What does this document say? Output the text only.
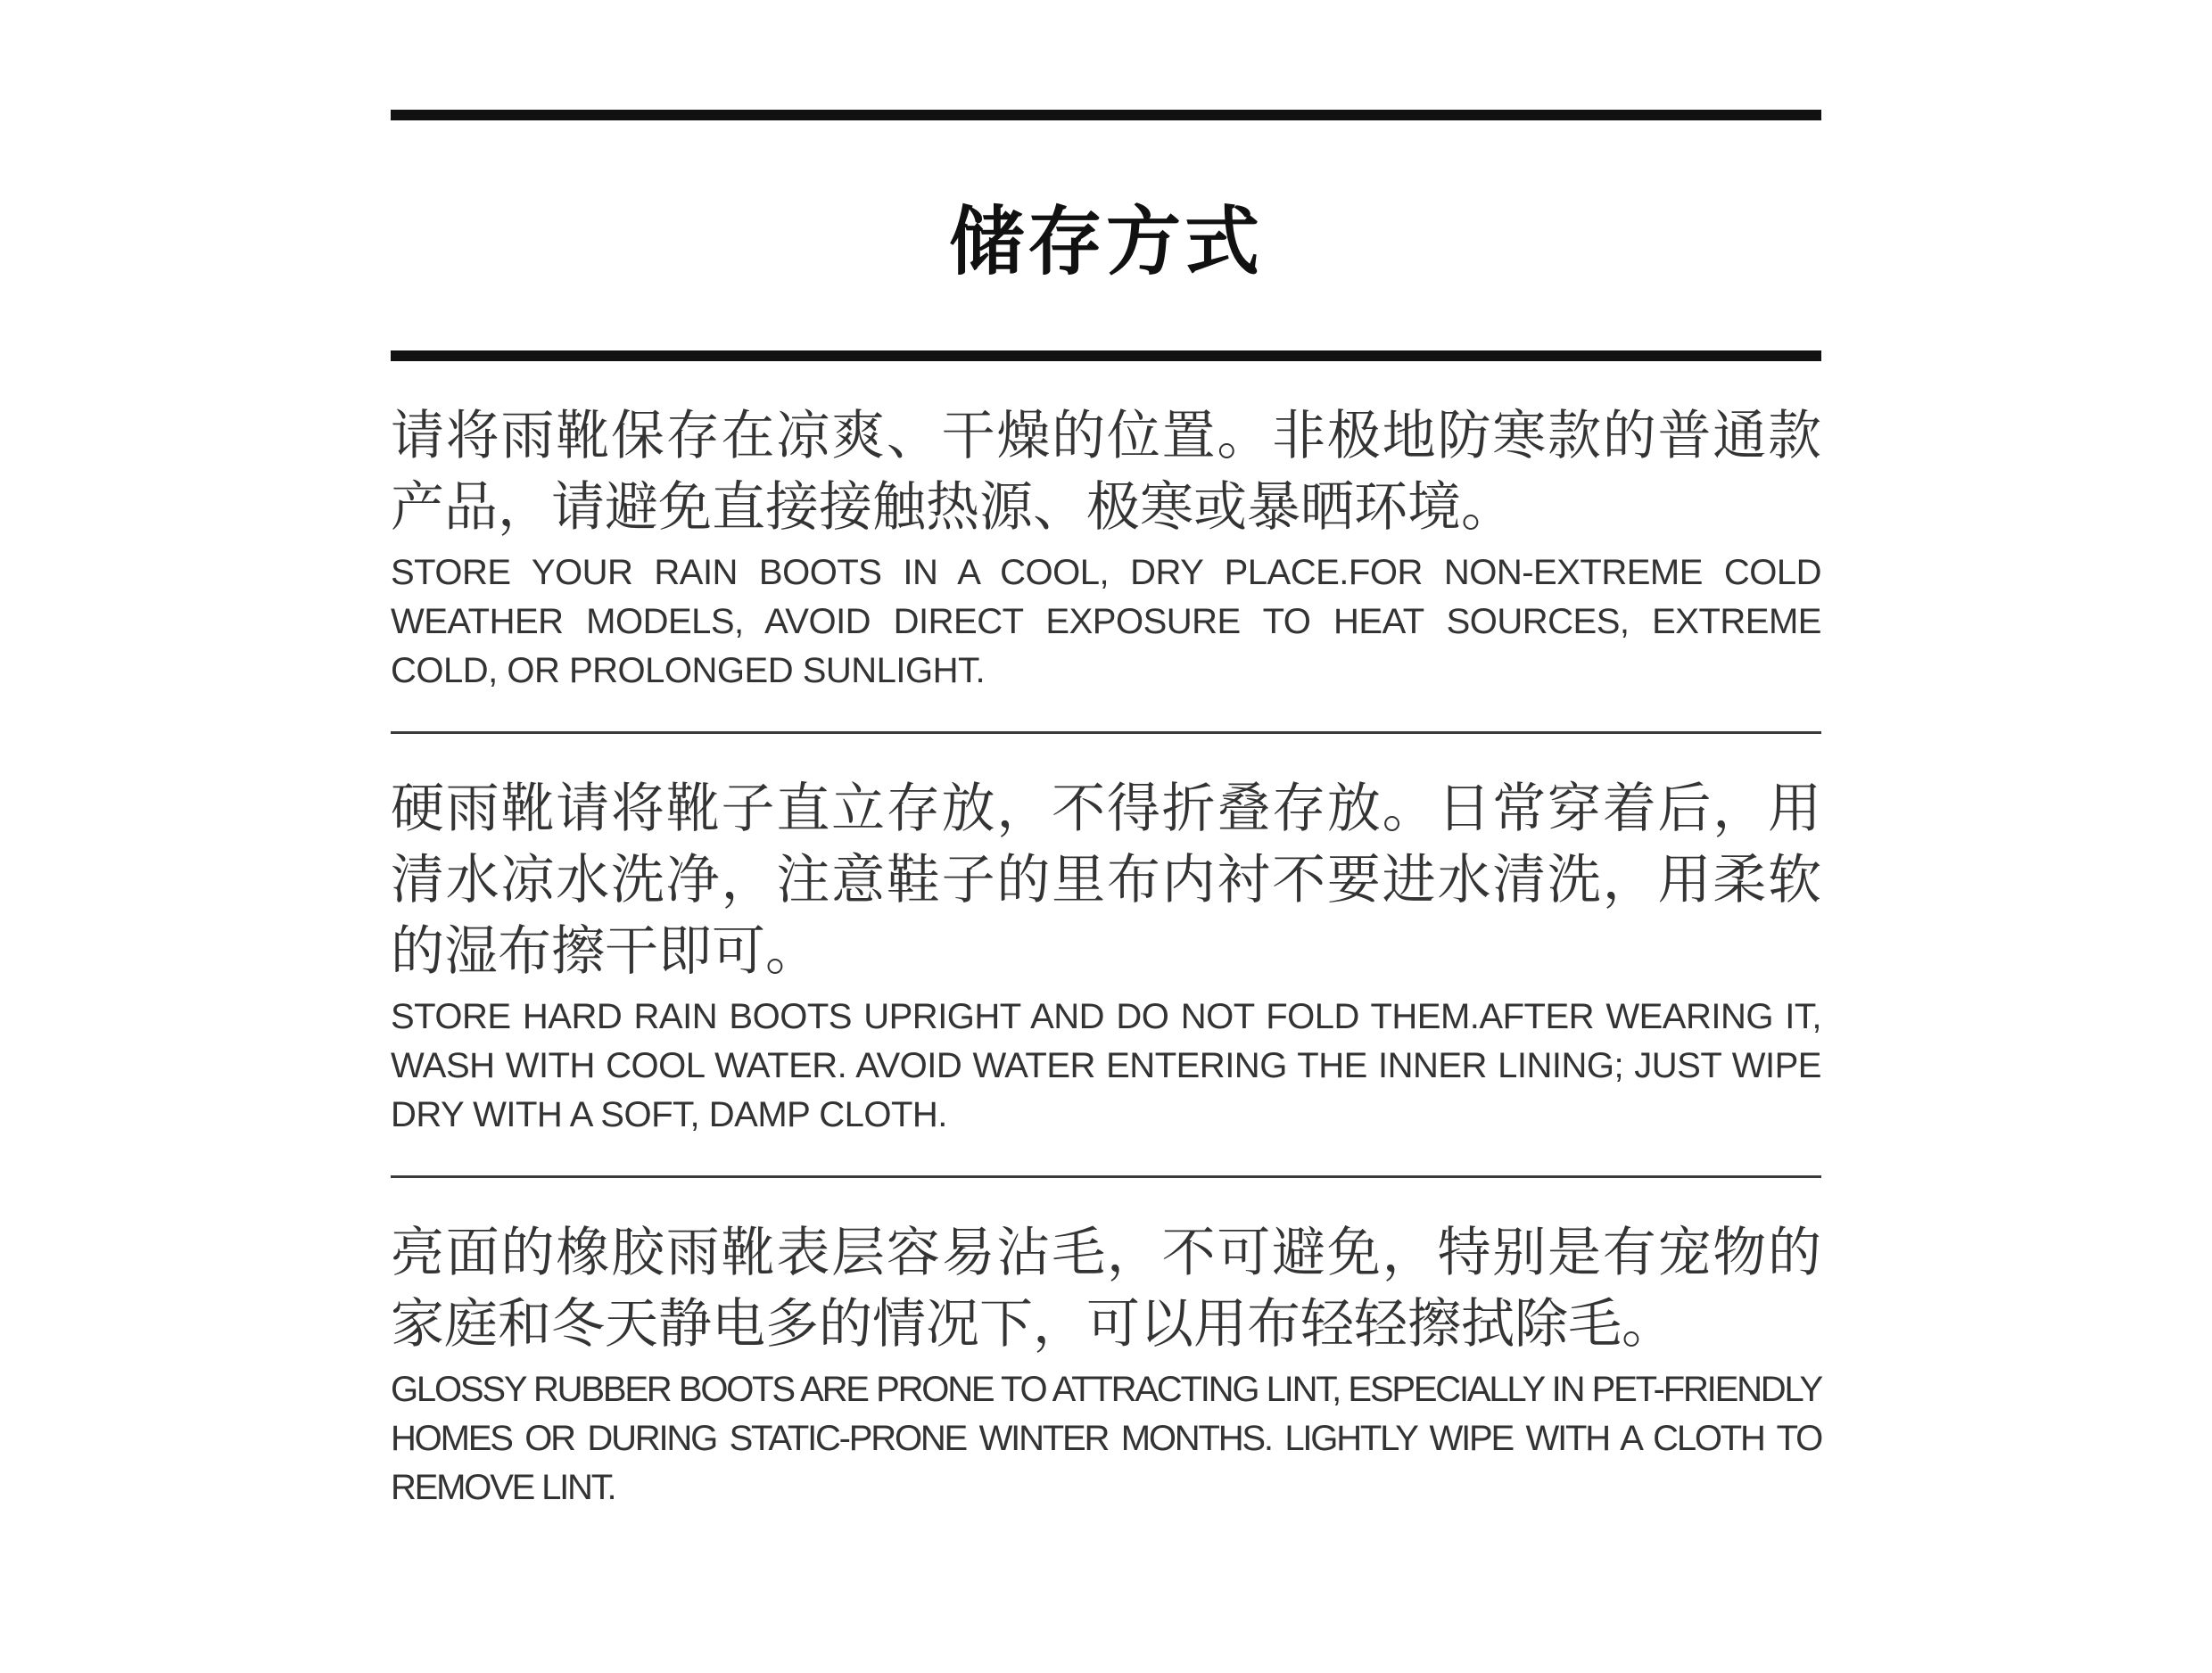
储存方式

请将雨靴保存在凉爽、干燥的位置。非极地防寒款的普通款产品，请避免直接接触热源、极寒或暴晒环境。

STORE YOUR RAIN BOOTS IN A COOL, DRY PLACE.FOR NON-EXTREME COLD WEATHER MODELS, AVOID DIRECT EXPOSURE TO HEAT SOURCES, EXTREME COLD, OR PROLONGED SUNLIGHT.

硬雨靴请将靴子直立存放，不得折叠存放。日常穿着后，用清水凉水洗净，注意鞋子的里布内衬不要进水清洗，用柔软的湿布擦干即可。

STORE HARD RAIN BOOTS UPRIGHT AND DO NOT FOLD THEM.AFTER WEARING IT, WASH WITH COOL WATER. AVOID WATER ENTERING THE INNER LINING; JUST WIPE DRY WITH A SOFT, DAMP CLOTH.

亮面的橡胶雨靴表层容易沾毛，不可避免，特别是有宠物的家庭和冬天静电多的情况下，可以用布轻轻擦拭除毛。

GLOSSY RUBBER BOOTS ARE PRONE TO ATTRACTING LINT, ESPECIALLY IN PET-FRIENDLY HOMES OR DURING STATIC-PRONE WINTER MONTHS. LIGHTLY WIPE WITH A CLOTH TO REMOVE LINT.
